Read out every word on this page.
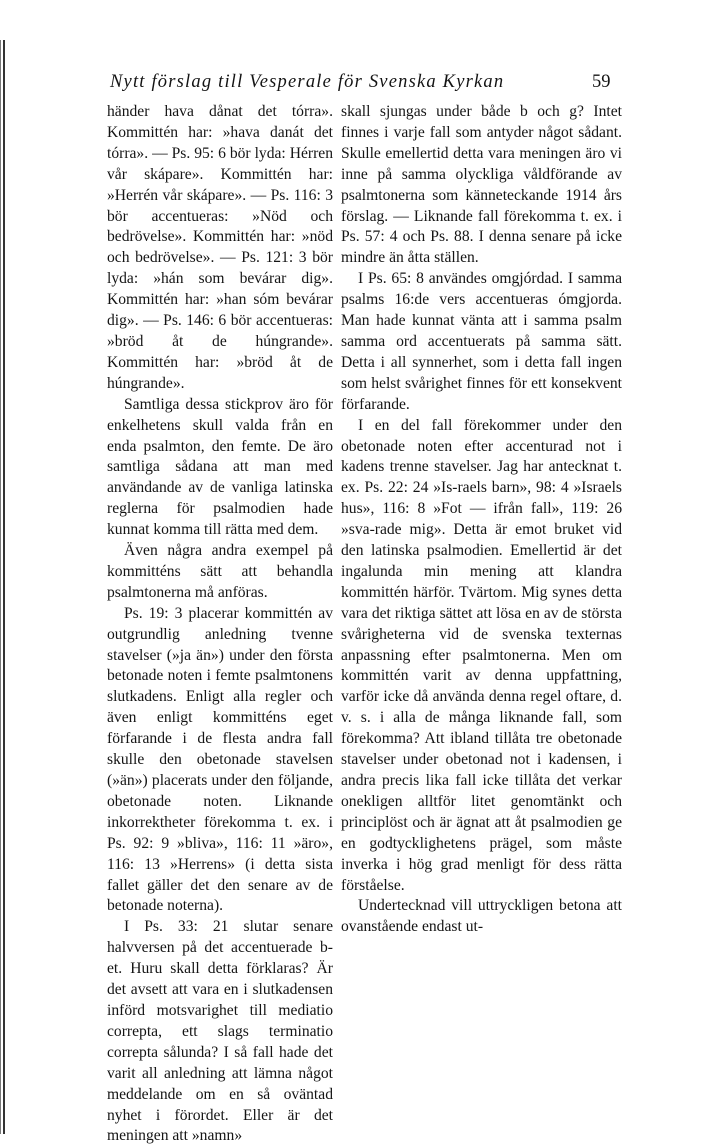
Nytt förslag till Vesperale för Svenska Kyrkan	59

händer hava dånat det tórra». Kommittén har: »hava danát det tórra». — Ps. 95: 6 bör lyda: Hérren vår skápare». Kommittén har: »Herrén vår skápare». — Ps. 116: 3 bör accentueras: »Nöd och bedrövelse». Kommittén har: »nöd och bedrövelse». — Ps. 121: 3 bör lyda: »hán som bevárar dig». Kommittén har: »han sóm bevárar dig». — Ps. 146: 6 bör accentueras: »bröd åt de húngrande». Kommittén har: »bröd åt de húngrande».

Samtliga dessa stickprov äro för enkelhetens skull valda från en enda psalmton, den femte. De äro samtliga sådana att man med användande av de vanliga latinska reglerna för psalmodien hade kunnat komma till rätta med dem.

Även några andra exempel på kommitténs sätt att behandla psalmtonerna må anföras.

Ps. 19: 3 placerar kommittén av outgrundlig anledning tvenne stavelser (»ja än») under den första betonade noten i femte psalmtonens slutkadens. Enligt alla regler och även enligt kommitténs eget förfarande i de flesta andra fall skulle den obetonade stavelsen (»än») placerats under den följande, obetonade noten. Liknande inkorrektheter förekomma t. ex. i Ps. 92: 9 »bliva», 116: 11 »äro», 116: 13 »Herrens» (i detta sista fallet gäller det den senare av de betonade noterna).

I Ps. 33: 21 slutar senare halvversen på det accentuerade b-et. Huru skall detta förklaras? Är det avsett att vara en i slutkadensen införd motsvarighet till mediatio correpta, ett slags terminatio correpta sålunda? I så fall hade det varit all anledning att lämna något meddelande om en så oväntad nyhet i förordet. Eller är det meningen att »namn»

skall sjungas under både b och g? Intet finnes i varje fall som antyder något sådant. Skulle emellertid detta vara meningen äro vi inne på samma olyckliga våldförande av psalmtonerna som känneteckande 1914 års förslag. — Liknande fall förekomma t. ex. i Ps. 57: 4 och Ps. 88. I denna senare på icke mindre än åtta ställen.

I Ps. 65: 8 användes omgjórdad. I samma psalms 16:de vers accentueras ómgjorda. Man hade kunnat vänta att i samma psalm samma ord accentuerats på samma sätt. Detta i all synnerhet, som i detta fall ingen som helst svårighet finnes för ett konsekvent förfarande.

I en del fall förekommer under den obetonade noten efter accenturad not i kadens trenne stavelser. Jag har antecknat t. ex. Ps. 22: 24 »Is-raels barn», 98: 4 »Israels hus», 116: 8 »Fot — ifrån fall», 119: 26 »sva-rade mig». Detta är emot bruket vid den latinska psalmodien. Emellertid är det ingalunda min mening att klandra kommittén härför. Tvärtom. Mig synes detta vara det riktiga sättet att lösa en av de största svårigheterna vid de svenska texternas anpassning efter psalmtonerna. Men om kommittén varit av denna uppfattning, varför icke då använda denna regel oftare, d. v. s. i alla de många liknande fall, som förekomma? Att ibland tillåta tre obetonade stavelser under obetonad not i kadensen, i andra precis lika fall icke tillåta det verkar onekligen alltför litet genomtänkt och principlöst och är ägnat att åt psalmodien ge en godtycklighetens prägel, som måste inverka i hög grad menligt för dess rätta förståelse.

Undertecknad vill uttryckligen betona att ovanstående endast ut-
